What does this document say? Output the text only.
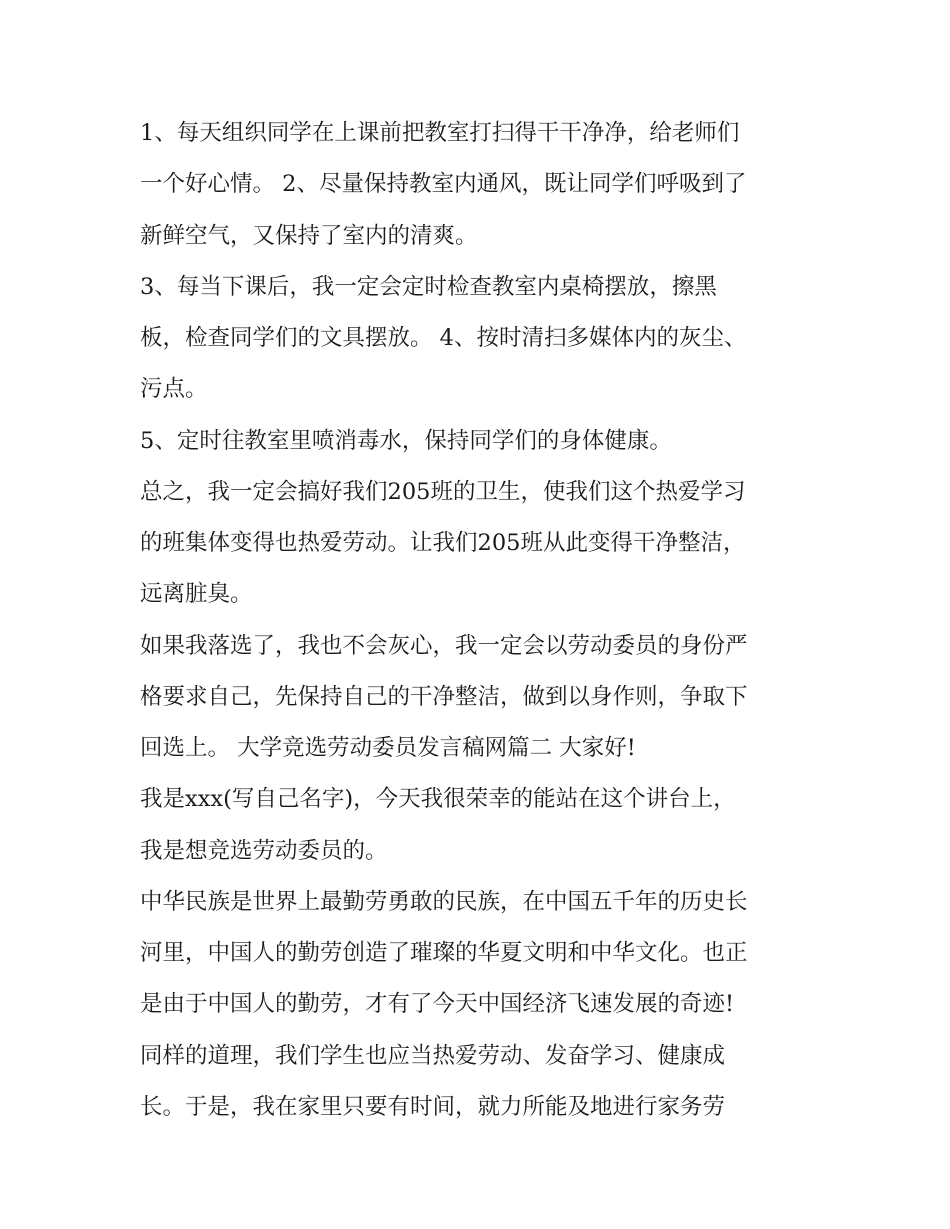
1、每天组织同学在上课前把教室打扫得干干净净，给老师们
一个好心情。 2、尽量保持教室内通风，既让同学们呼吸到了
新鲜空气，又保持了室内的清爽。
3、每当下课后，我一定会定时检查教室内桌椅摆放，擦黑
板，检查同学们的文具摆放。 4、按时清扫多媒体内的灰尘、
污点。
5、定时往教室里喷消毒水，保持同学们的身体健康。
总之，我一定会搞好我们205班的卫生，使我们这个热爱学习
的班集体变得也热爱劳动。让我们205班从此变得干净整洁，
远离脏臭。
如果我落选了，我也不会灰心，我一定会以劳动委员的身份严
格要求自己，先保持自己的干净整洁，做到以身作则，争取下
回选上。 大学竞选劳动委员发言稿网篇二 大家好!
我是xxx(写自己名字)，今天我很荣幸的能站在这个讲台上，
我是想竞选劳动委员的。
中华民族是世界上最勤劳勇敢的民族，在中国五千年的历史长
河里，中国人的勤劳创造了璀璨的华夏文明和中华文化。也正
是由于中国人的勤劳，才有了今天中国经济飞速发展的奇迹!
同样的道理，我们学生也应当热爱劳动、发奋学习、健康成
长。于是，我在家里只要有时间，就力所能及地进行家务劳
